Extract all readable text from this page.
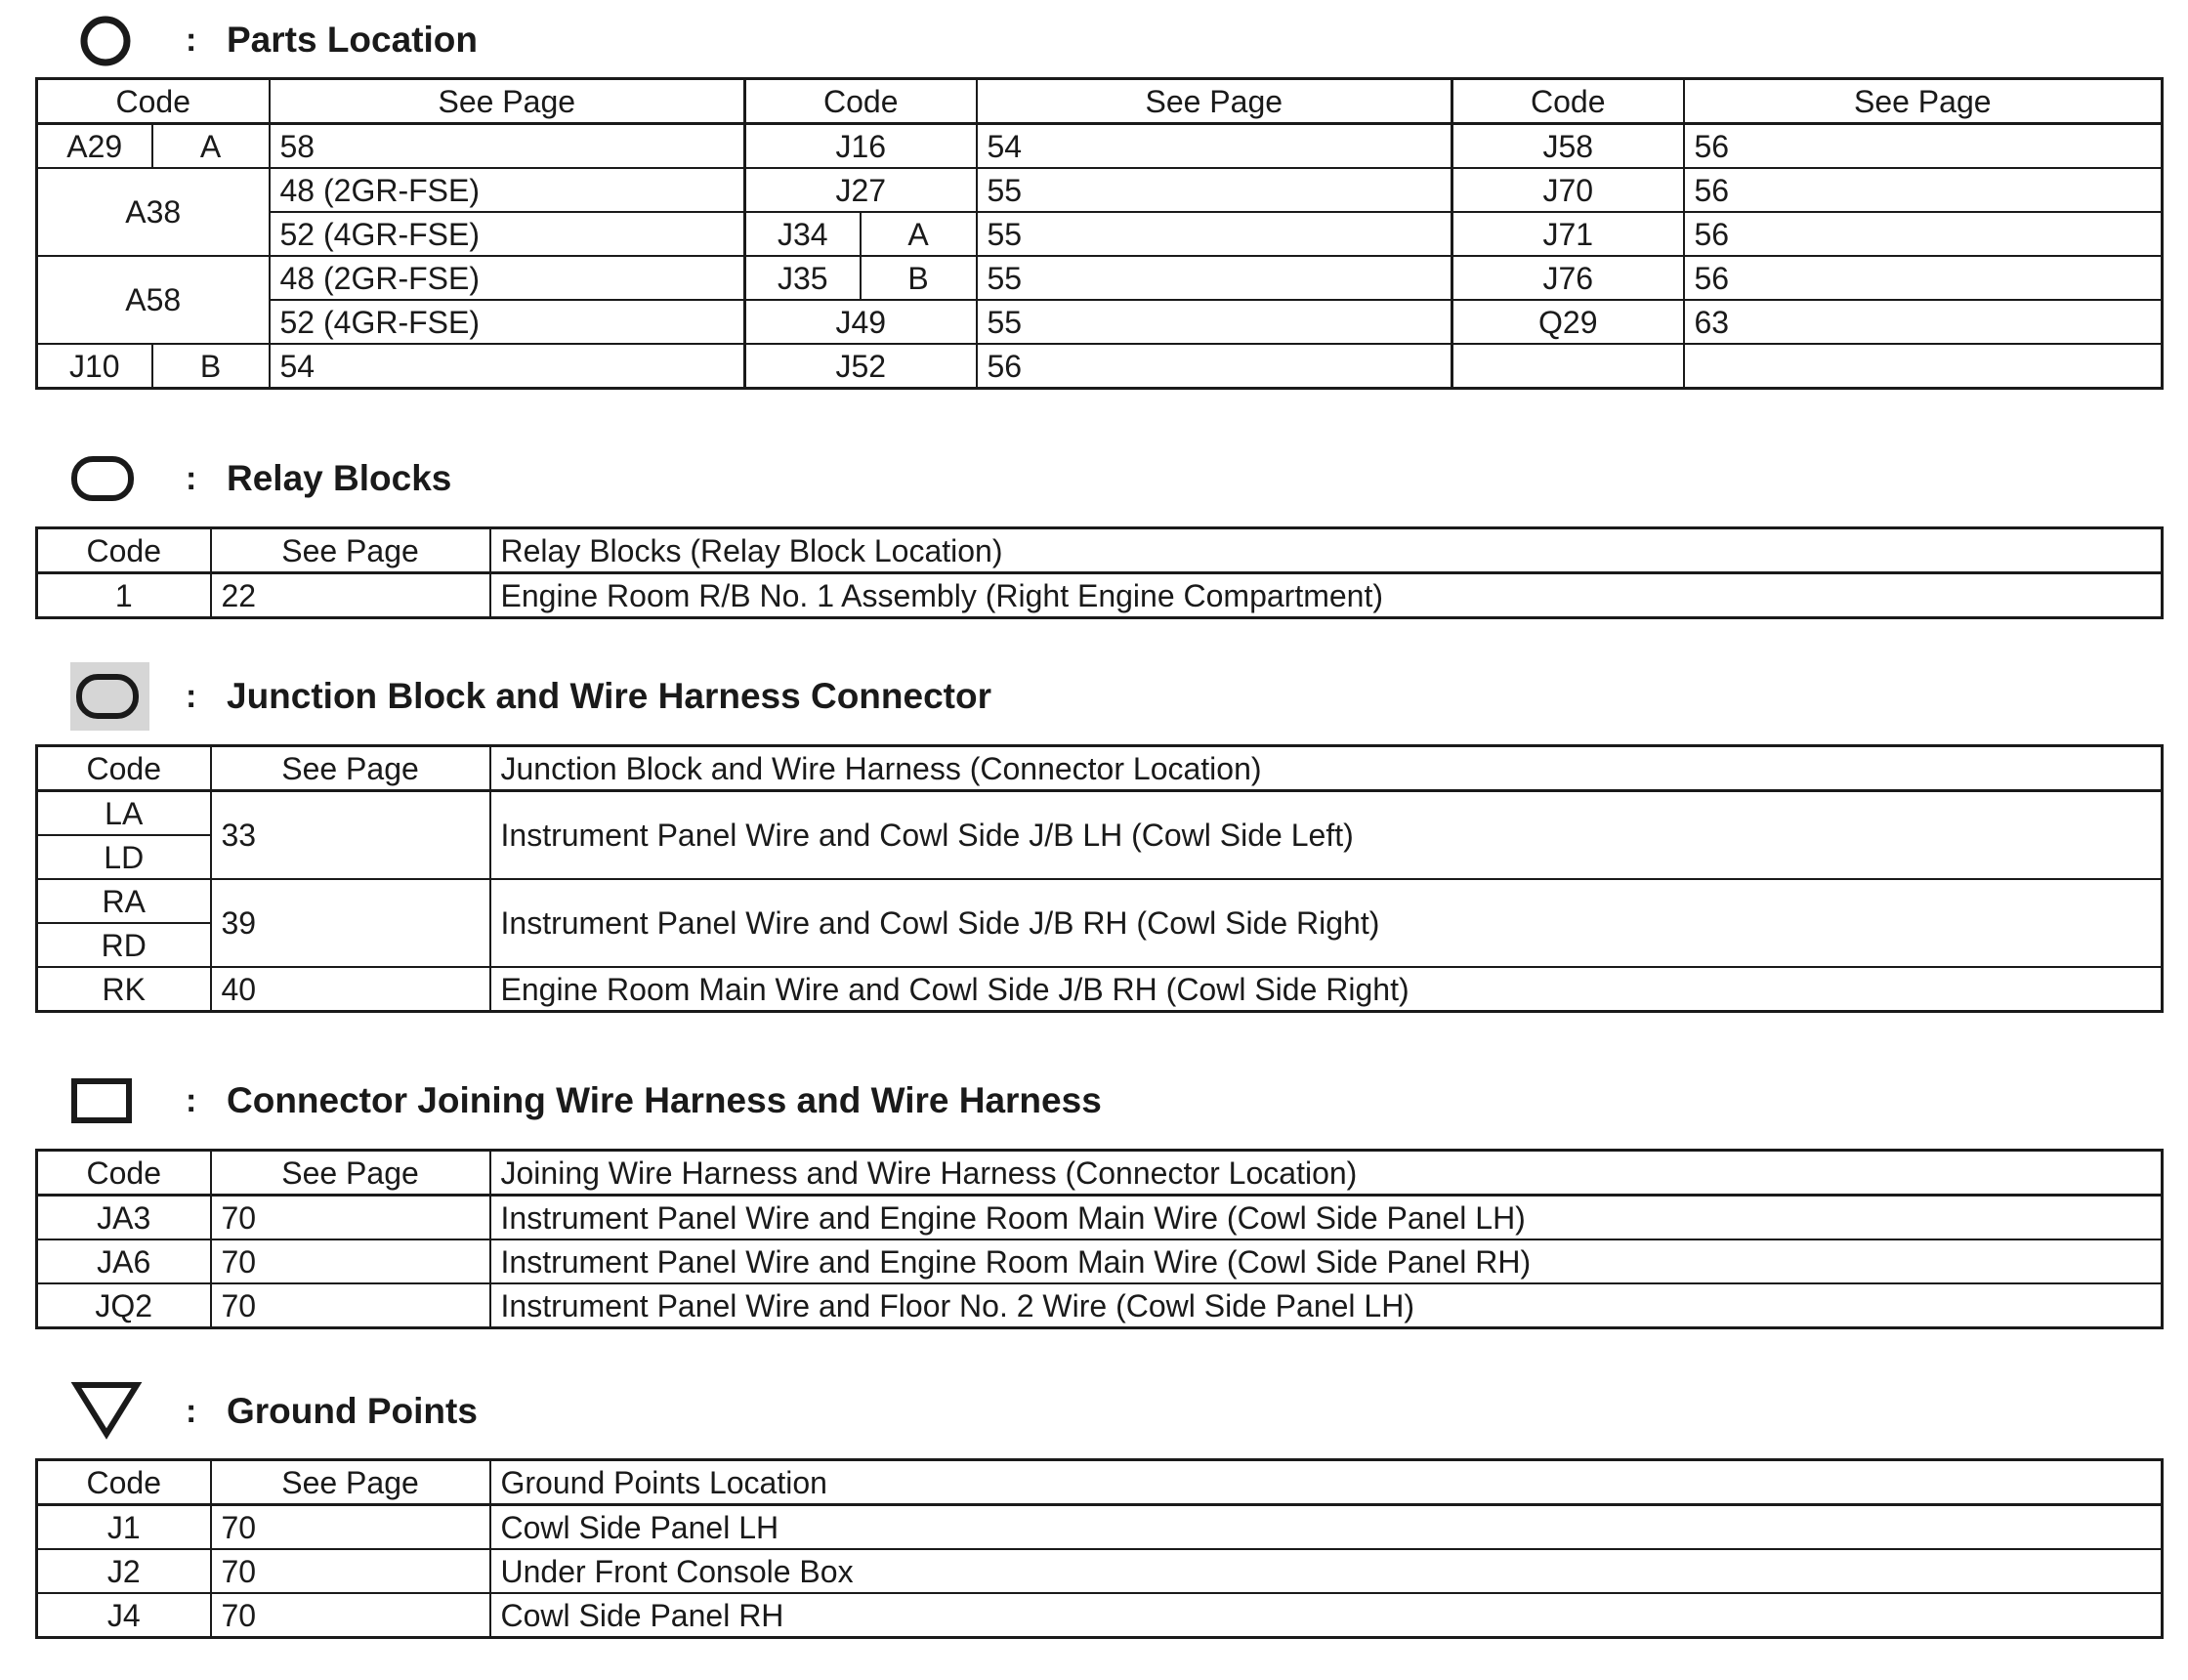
: Parts Location
Code		See Page	Code		See Page	Code	See Page
A29	A	58	J16		54	J58	56
A38		48 (2GR-FSE)	J27		55	J70	56
		52 (4GR-FSE)	J34	A	55	J71	56
A58		48 (2GR-FSE)	J35	B	55	J76	56
		52 (4GR-FSE)	J49		55	Q29	63
J10	B	54	J52		56		
: Relay Blocks
Code	See Page	Relay Blocks (Relay Block Location)
1	22	Engine Room R/B No. 1 Assembly (Right Engine Compartment)
: Junction Block and Wire Harness Connector
Code	See Page	Junction Block and Wire Harness (Connector Location)
LA	33	Instrument Panel Wire and Cowl Side J/B LH (Cowl Side Left)
LD		
RA	39	Instrument Panel Wire and Cowl Side J/B RH (Cowl Side Right)
RD		
RK	40	Engine Room Main Wire and Cowl Side J/B RH (Cowl Side Right)
: Connector Joining Wire Harness and Wire Harness
Code	See Page	Joining Wire Harness and Wire Harness (Connector Location)
JA3	70	Instrument Panel Wire and Engine Room Main Wire (Cowl Side Panel LH)
JA6	70	Instrument Panel Wire and Engine Room Main Wire (Cowl Side Panel RH)
JQ2	70	Instrument Panel Wire and Floor No. 2 Wire (Cowl Side Panel LH)
: Ground Points
Code	See Page	Ground Points Location
J1	70	Cowl Side Panel LH
J2	70	Under Front Console Box
J4	70	Cowl Side Panel RH
